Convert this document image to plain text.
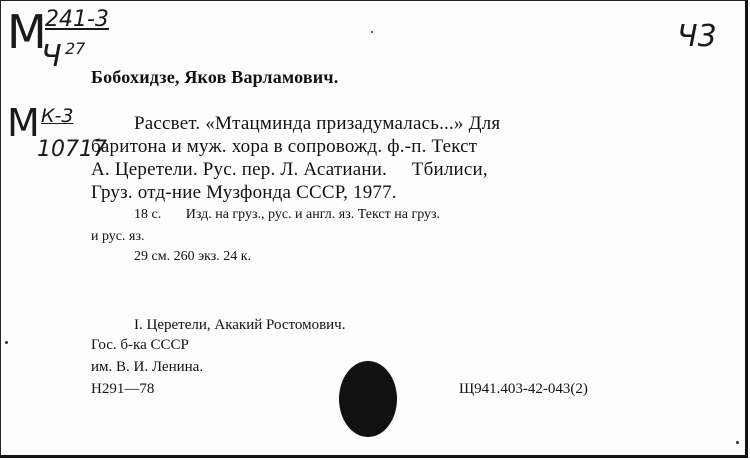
М
241-3
Ч 27	Ч3
М К-3
10717
Бобохидзе, Яков Варламович.
Рассвет. «Мтацминда призадумалась...» Для
баритона и муж. хора в сопровожд. ф.-п. Текст
А. Церетели. Рус. пер. Л. Асатиани.     Тбилиси,
Груз. отд-ние Музфонда СССР, 1977.
18 с.       Изд. на груз., рус. и англ. яз. Текст на груз.
и рус. яз.
29 см. 260 экз. 24 к.
I. Церетели, Акакий Ростомович.
Гос. б-ка СССР
им. В. И. Ленина.
Н291—78	Щ941.403-42-043(2)
